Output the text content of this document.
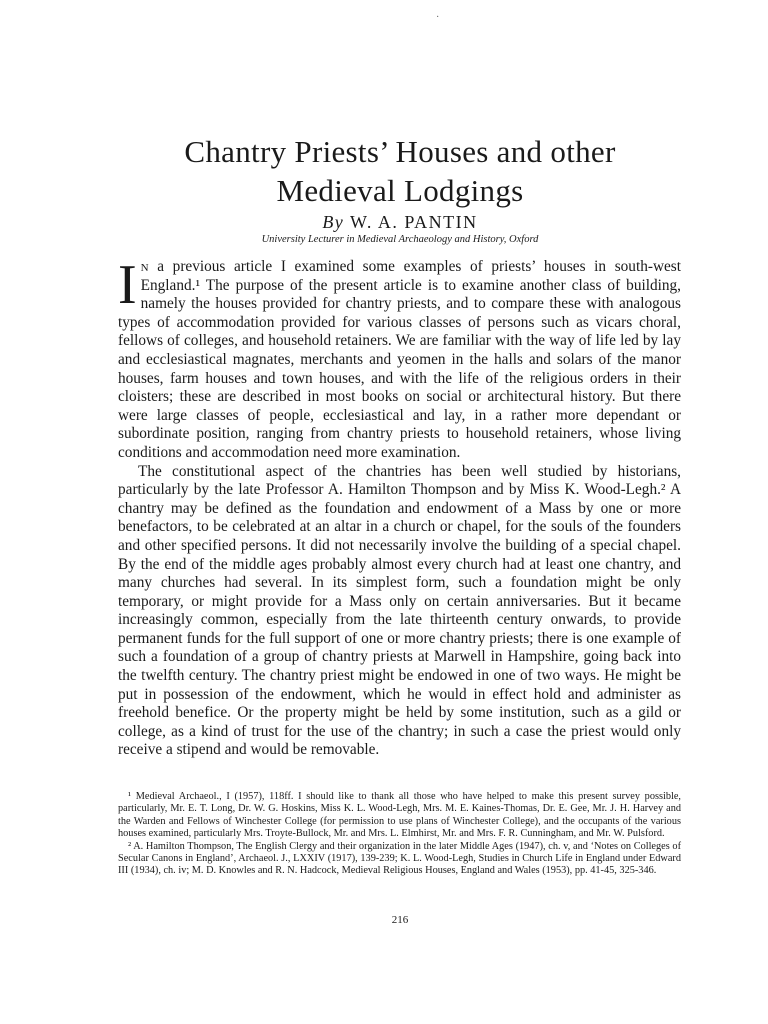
·
Chantry Priests’ Houses and other
Medieval Lodgings
By W. A. PANTIN
University Lecturer in Medieval Archaeology and History, Oxford

In a previous article I examined some examples of priests’ houses in south-west England.¹ The purpose of the present article is to examine another class of building, namely the houses provided for chantry priests, and to compare these with analogous types of accommodation provided for various classes of persons such as vicars choral, fellows of colleges, and household retainers. We are familiar with the way of life led by lay and ecclesiastical magnates, merchants and yeomen in the halls and solars of the manor houses, farm houses and town houses, and with the life of the religious orders in their cloisters; these are described in most books on social or architectural history. But there were large classes of people, ecclesiastical and lay, in a rather more dependant or subordinate position, ranging from chantry priests to household retainers, whose living conditions and accommodation need more examination.

The constitutional aspect of the chantries has been well studied by historians, particularly by the late Professor A. Hamilton Thompson and by Miss K. Wood-Legh.² A chantry may be defined as the foundation and endowment of a Mass by one or more benefactors, to be celebrated at an altar in a church or chapel, for the souls of the founders and other specified persons. It did not necessarily involve the building of a special chapel. By the end of the middle ages probably almost every church had at least one chantry, and many churches had several. In its simplest form, such a foundation might be only temporary, or might provide for a Mass only on certain anniversaries. But it became increasingly common, especially from the late thirteenth century onwards, to provide permanent funds for the full support of one or more chantry priests; there is one example of such a foundation of a group of chantry priests at Marwell in Hampshire, going back into the twelfth century. The chantry priest might be endowed in one of two ways. He might be put in possession of the endowment, which he would in effect hold and administer as freehold benefice. Or the property might be held by some institution, such as a gild or college, as a kind of trust for the use of the chantry; in such a case the priest would only receive a stipend and would be removable.

¹ Medieval Archaeol., I (1957), 118ff. I should like to thank all those who have helped to make this present survey possible, particularly, Mr. E. T. Long, Dr. W. G. Hoskins, Miss K. L. Wood-Legh, Mrs. M. E. Kaines-Thomas, Dr. E. Gee, Mr. J. H. Harvey and the Warden and Fellows of Winchester College (for permission to use plans of Winchester College), and the occupants of the various houses examined, particularly Mrs. Troyte-Bullock, Mr. and Mrs. L. Elmhirst, Mr. and Mrs. F. R. Cunningham, and Mr. W. Pulsford.

² A. Hamilton Thompson, The English Clergy and their organization in the later Middle Ages (1947), ch. v, and ‘Notes on Colleges of Secular Canons in England’, Archaeol. J., LXXIV (1917), 139-239; K. L. Wood-Legh, Studies in Church Life in England under Edward III (1934), ch. iv; M. D. Knowles and R. N. Hadcock, Medieval Religious Houses, England and Wales (1953), pp. 41-45, 325-346.

216
